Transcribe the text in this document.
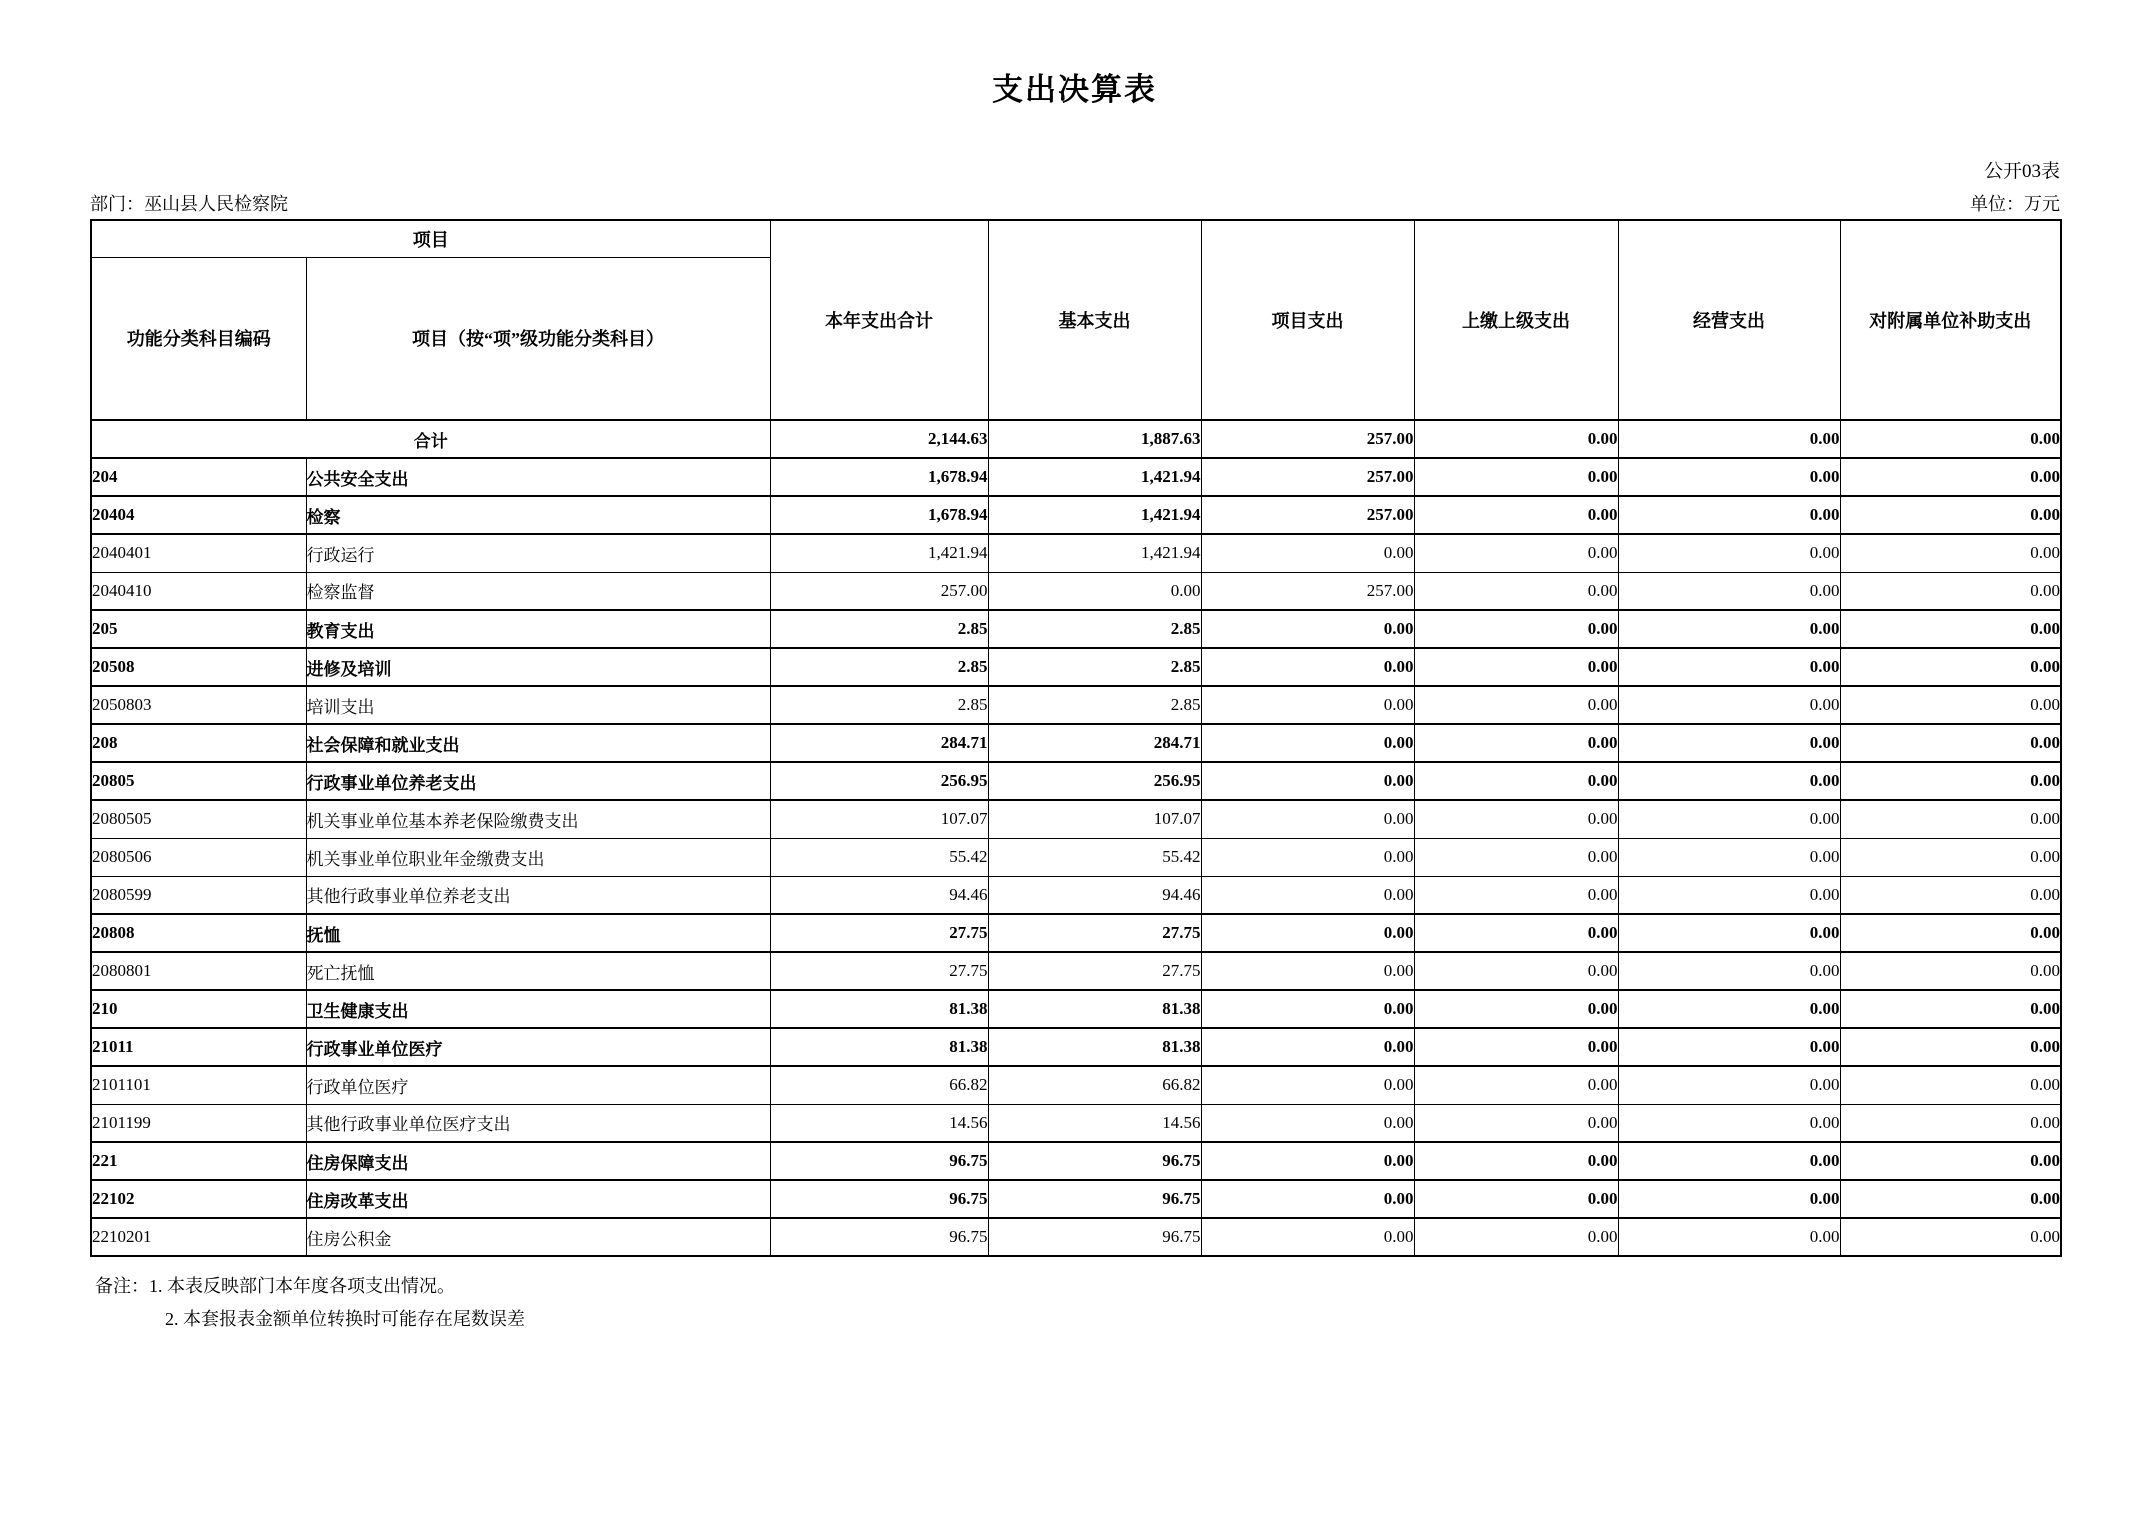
支出决算表
公开03表
部门：巫山县人民检察院	单位：万元
项目		本年支出合计	基本支出	项目支出	上缴上级支出	经营支出	对附属单位补助支出
功能分类科目编码	项目（按“项”级功能分类科目）						
合计		2,144.63	1,887.63	257.00	0.00	0.00	0.00
204	公共安全支出	1,678.94	1,421.94	257.00	0.00	0.00	0.00
20404	检察	1,678.94	1,421.94	257.00	0.00	0.00	0.00
2040401	行政运行	1,421.94	1,421.94	0.00	0.00	0.00	0.00
2040410	检察监督	257.00	0.00	257.00	0.00	0.00	0.00
205	教育支出	2.85	2.85	0.00	0.00	0.00	0.00
20508	进修及培训	2.85	2.85	0.00	0.00	0.00	0.00
2050803	培训支出	2.85	2.85	0.00	0.00	0.00	0.00
208	社会保障和就业支出	284.71	284.71	0.00	0.00	0.00	0.00
20805	行政事业单位养老支出	256.95	256.95	0.00	0.00	0.00	0.00
2080505	机关事业单位基本养老保险缴费支出	107.07	107.07	0.00	0.00	0.00	0.00
2080506	机关事业单位职业年金缴费支出	55.42	55.42	0.00	0.00	0.00	0.00
2080599	其他行政事业单位养老支出	94.46	94.46	0.00	0.00	0.00	0.00
20808	抚恤	27.75	27.75	0.00	0.00	0.00	0.00
2080801	死亡抚恤	27.75	27.75	0.00	0.00	0.00	0.00
210	卫生健康支出	81.38	81.38	0.00	0.00	0.00	0.00
21011	行政事业单位医疗	81.38	81.38	0.00	0.00	0.00	0.00
2101101	行政单位医疗	66.82	66.82	0.00	0.00	0.00	0.00
2101199	其他行政事业单位医疗支出	14.56	14.56	0.00	0.00	0.00	0.00
221	住房保障支出	96.75	96.75	0.00	0.00	0.00	0.00
22102	住房改革支出	96.75	96.75	0.00	0.00	0.00	0.00
2210201	住房公积金	96.75	96.75	0.00	0.00	0.00	0.00
备注：1. 本表反映部门本年度各项支出情况。
2. 本套报表金额单位转换时可能存在尾数误差
